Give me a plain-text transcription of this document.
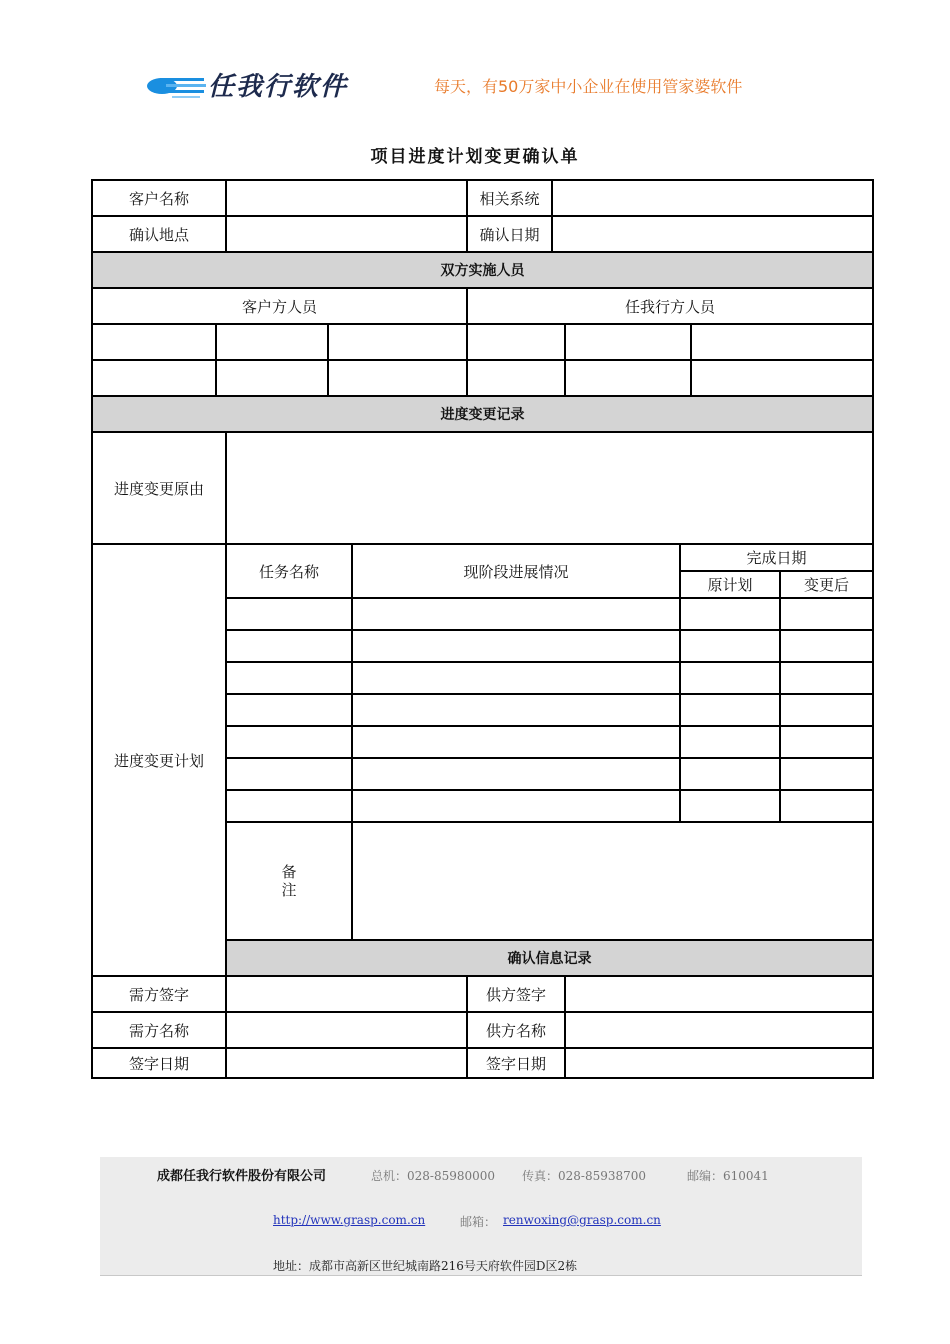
任我行软件	每天，有50万家中小企业在使用管家婆软件
项目进度计划变更确认单
客户名称					相关系统					
确认地点					确认日期					
双方实施人员										
客户方人员					任我行方人员					

进度变更记录										
进度变更原由										
进度变更计划		任务名称		现阶段进展情况				完成日期		
								原计划		变更后

		备
注								
		确认信息记录								
需方签字					供方签字					
需方名称					供方名称					
签字日期					签字日期					
成都任我行软件股份有限公司	总机：028-85980000 传真：028-85938700	邮编：610041
http://www.grasp.com.cn	邮箱： renwoxing@grasp.com.cn
地址：成都市高新区世纪城南路216号天府软件园D区2栋
